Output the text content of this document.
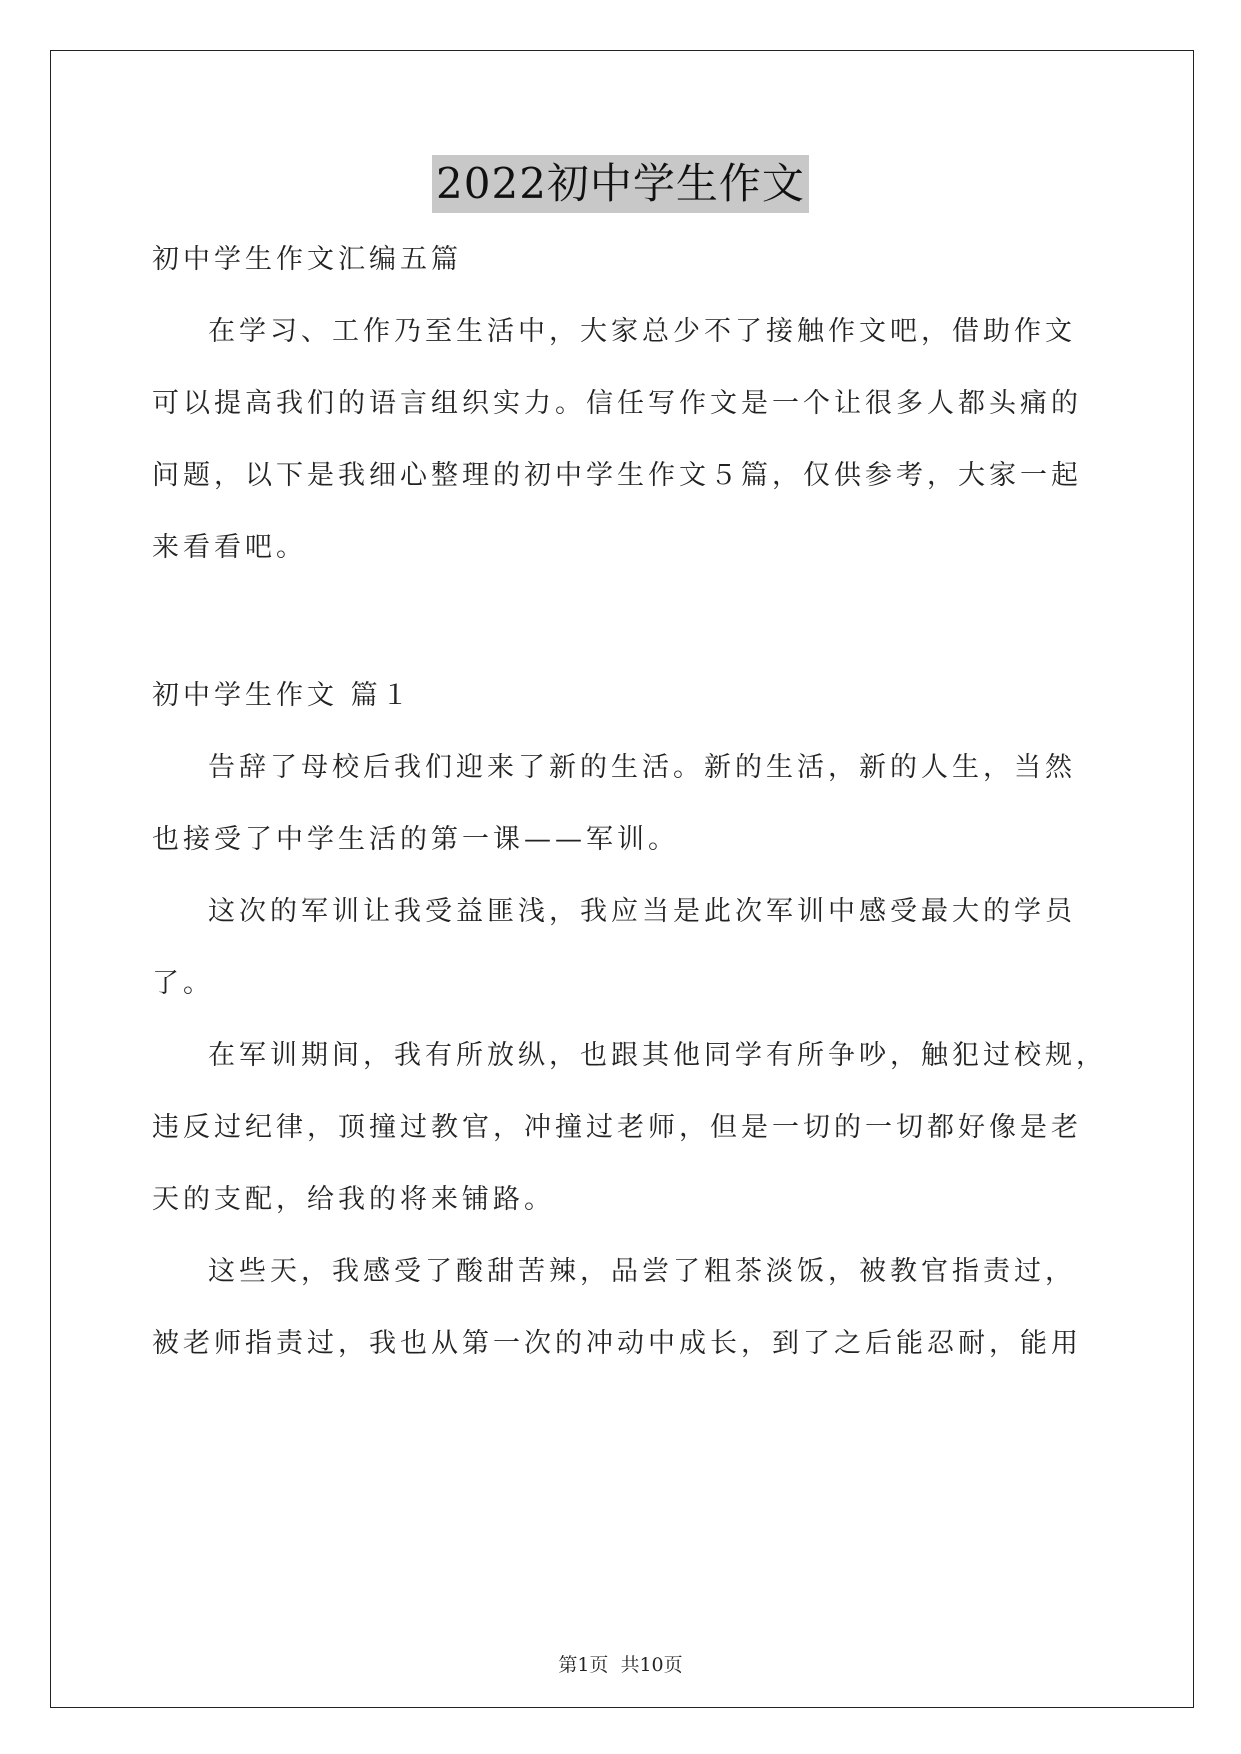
2022初中学生作文
初中学生作文汇编五篇
在学习、工作乃至生活中，大家总少不了接触作文吧，借助作文
可以提高我们的语言组织实力。信任写作文是一个让很多人都头痛的
问题，以下是我细心整理的初中学生作文５篇，仅供参考，大家一起
来看看吧。
初中学生作文 篇１
告辞了母校后我们迎来了新的生活。新的生活，新的人生，当然
也接受了中学生活的第一课——军训。
这次的军训让我受益匪浅，我应当是此次军训中感受最大的学员
了。
在军训期间，我有所放纵，也跟其他同学有所争吵，触犯过校规，
违反过纪律，顶撞过教官，冲撞过老师，但是一切的一切都好像是老
天的支配，给我的将来铺路。
这些天，我感受了酸甜苦辣，品尝了粗茶淡饭，被教官指责过，
被老师指责过，我也从第一次的冲动中成长，到了之后能忍耐，能用
第1页 共10页
